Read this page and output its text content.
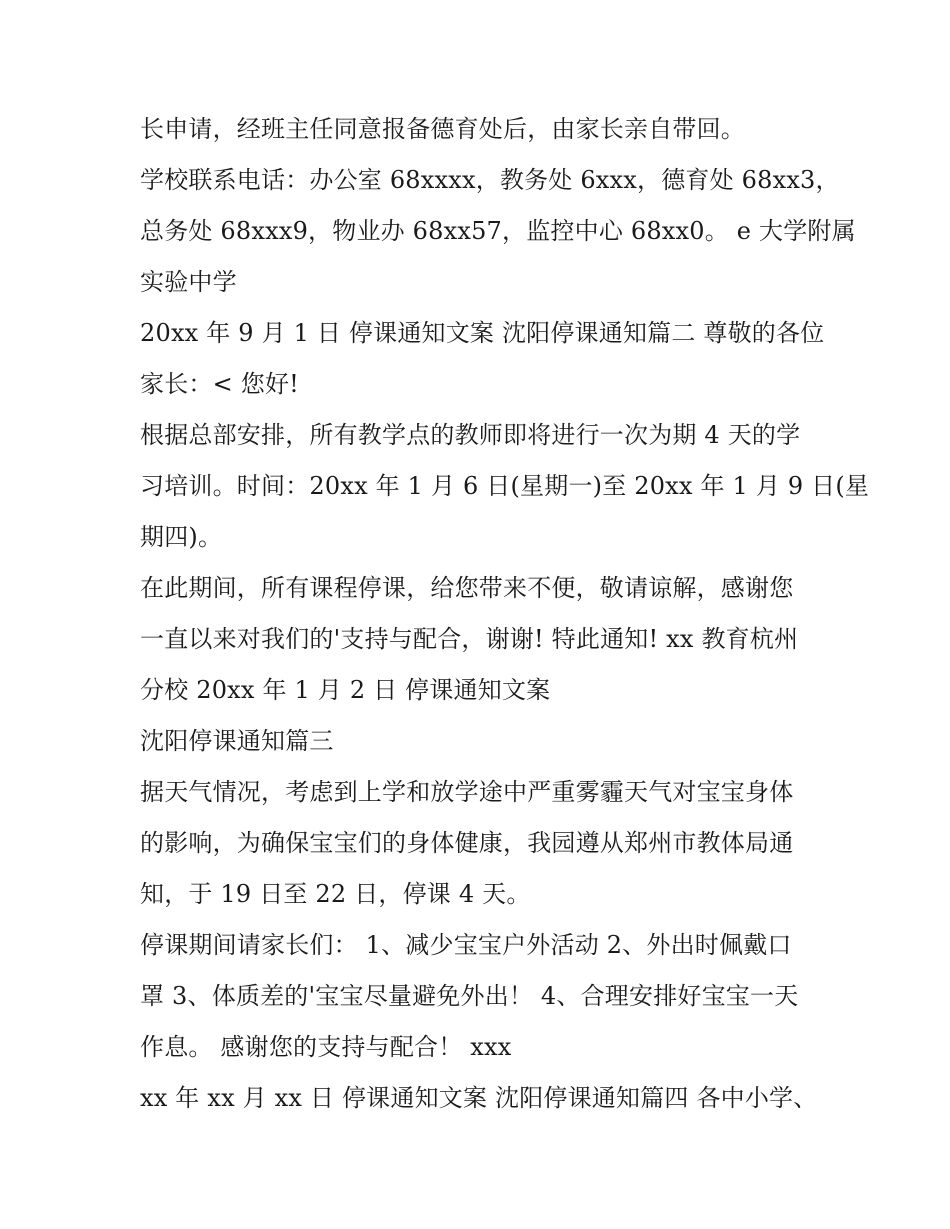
长申请，经班主任同意报备德育处后，由家长亲自带回。
学校联系电话：办公室 68xxxx，教务处 6xxx，德育处 68xx3，
总务处 68xxx9，物业办 68xx57，监控中心 68xx0。 e 大学附属
实验中学
20xx 年 9 月 1 日 停课通知文案 沈阳停课通知篇二 尊敬的各位
家长：< 您好!
根据总部安排，所有教学点的教师即将进行一次为期 4 天的学
习培训。时间：20xx 年 1 月 6 日(星期一)至 20xx 年 1 月 9 日(星
期四)。
在此期间，所有课程停课，给您带来不便，敬请谅解，感谢您
一直以来对我们的'支持与配合，谢谢! 特此通知! xx 教育杭州
分校 20xx 年 1 月 2 日 停课通知文案
沈阳停课通知篇三
据天气情况，考虑到上学和放学途中严重雾霾天气对宝宝身体
的影响，为确保宝宝们的身体健康，我园遵从郑州市教体局通
知，于 19 日至 22 日，停课 4 天。
停课期间请家长们： 1、减少宝宝户外活动 2、外出时佩戴口
罩 3、体质差的'宝宝尽量避免外出！ 4、合理安排好宝宝一天
作息。 感谢您的支持与配合！ xxx
xx 年 xx 月 xx 日 停课通知文案 沈阳停课通知篇四 各中小学、
